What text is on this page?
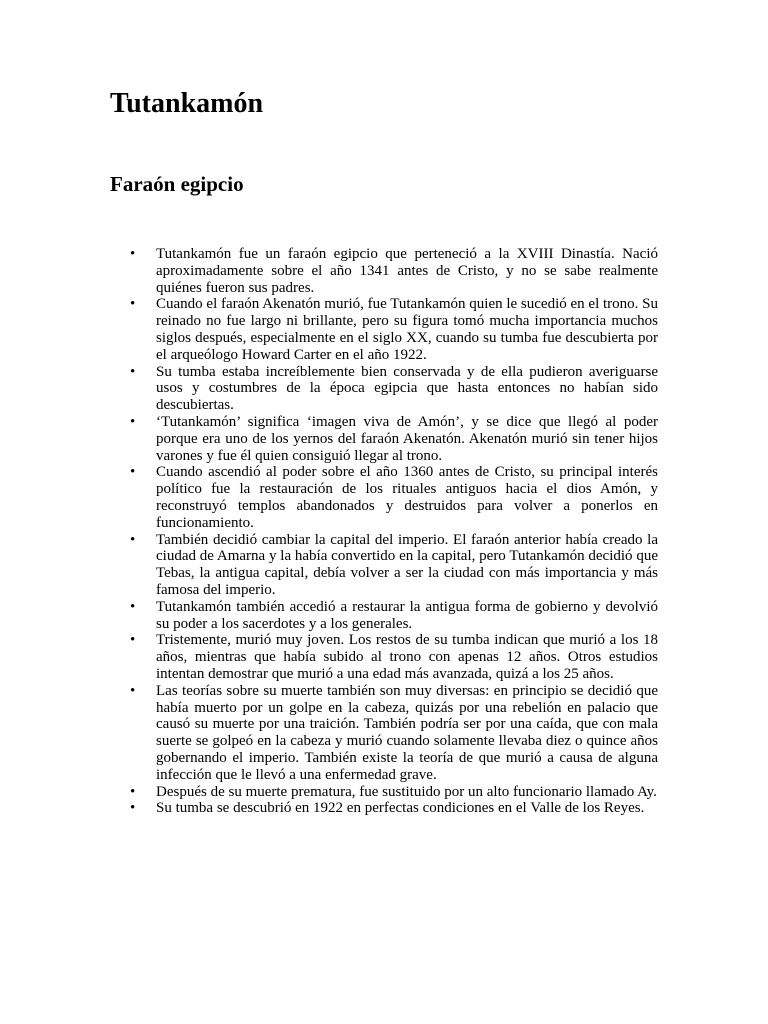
Tutankamón
Faraón egipcio
• Tutankamón fue un faraón egipcio que perteneció a la XVIII Dinastía. Nació aproximadamente sobre el año 1341 antes de Cristo, y no se sabe realmente quiénes fueron sus padres.
• Cuando el faraón Akenatón murió, fue Tutankamón quien le sucedió en el trono. Su reinado no fue largo ni brillante, pero su figura tomó mucha importancia muchos siglos después, especialmente en el siglo XX, cuando su tumba fue descubierta por el arqueólogo Howard Carter en el año 1922.
• Su tumba estaba increíblemente bien conservada y de ella pudieron averiguarse usos y costumbres de la época egipcia que hasta entonces no habían sido descubiertas.
• ‘Tutankamón’ significa ‘imagen viva de Amón’, y se dice que llegó al poder porque era uno de los yernos del faraón Akenatón. Akenatón murió sin tener hijos varones y fue él quien consiguió llegar al trono.
• Cuando ascendió al poder sobre el año 1360 antes de Cristo, su principal interés político fue la restauración de los rituales antiguos hacia el dios Amón, y reconstruyó templos abandonados y destruidos para volver a ponerlos en funcionamiento.
• También decidió cambiar la capital del imperio. El faraón anterior había creado la ciudad de Amarna y la había convertido en la capital, pero Tutankamón decidió que Tebas, la antigua capital, debía volver a ser la ciudad con más importancia y más famosa del imperio.
• Tutankamón también accedió a restaurar la antigua forma de gobierno y devolvió su poder a los sacerdotes y a los generales.
• Tristemente, murió muy joven. Los restos de su tumba indican que murió a los 18 años, mientras que había subido al trono con apenas 12 años. Otros estudios intentan demostrar que murió a una edad más avanzada, quizá a los 25 años.
• Las teorías sobre su muerte también son muy diversas: en principio se decidió que había muerto por un golpe en la cabeza, quizás por una rebelión en palacio que causó su muerte por una traición. También podría ser por una caída, que con mala suerte se golpeó en la cabeza y murió cuando solamente llevaba diez o quince años gobernando el imperio. También existe la teoría de que murió a causa de alguna infección que le llevó a una enfermedad grave.
• Después de su muerte prematura, fue sustituido por un alto funcionario llamado Ay.
• Su tumba se descubrió en 1922 en perfectas condiciones en el Valle de los Reyes.
